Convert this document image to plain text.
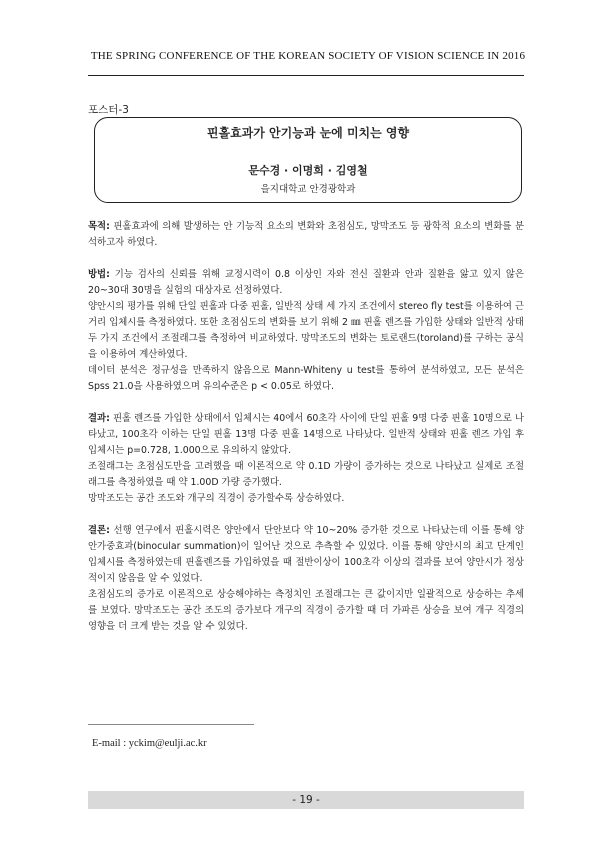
THE SPRING CONFERENCE OF THE KOREAN SOCIETY OF VISION SCIENCE IN 2016
포스터-3
핀홀효과가 안기능과 눈에 미치는 영향
문수경 · 이명희 · 김영철
을지대학교 안경광학과

목적: 핀홀효과에 의해 발생하는 안 기능적 요소의 변화와 초점심도, 망막조도 등 광학적 요소의 변화를 분석하고자 하였다.

방법: 기능 검사의 신뢰를 위해 교정시력이 0.8 이상인 자와 전신 질환과 안과 질환을 앓고 있지 않은 20~30대 30명을 실험의 대상자로 선정하였다.

양안시의 평가를 위해 단일 핀홀과 다중 핀홀, 일반적 상태 세 가지 조건에서 stereo fly test를 이용하여 근거리 입체시를 측정하였다. 또한 초점심도의 변화를 보기 위해 2 ㎜ 핀홀 렌즈를 가입한 상태와 일반적 상태 두 가지 조건에서 조절래그를 측정하여 비교하였다. 망막조도의 변화는 토로랜드(toroland)를 구하는 공식을 이용하여 계산하였다.

데이터 분석은 정규성을 만족하지 않음으로 Mann-Whiteny u test를 통하여 분석하였고, 모든 분석은 Spss 21.0을 사용하였으며 유의수준은 p < 0.05로 하였다.

결과: 핀홀 렌즈를 가입한 상태에서 입체시는 40에서 60초각 사이에 단일 핀홀 9명 다중 핀홀 10명으로 나타났고, 100초각 이하는 단일 핀홀 13명 다중 핀홀 14명으로 나타났다. 일반적 상태와 핀홀 렌즈 가입 후 입체시는 p=0.728, 1.000으로 유의하지 않았다.

조절래그는 초점심도만을 고려했을 때 이론적으로 약 0.1D 가량이 증가하는 것으로 나타났고 실제로 조절래그를 측정하였을 때 약 1.00D 가량 증가했다.

망막조도는 공간 조도와 개구의 직경이 증가할수록 상승하였다.

결론: 선행 연구에서 핀홀시력은 양안에서 단안보다 약 10~20% 증가한 것으로 나타났는데 이를 통해 양안가중효과(binocular summation)이 일어난 것으로 추측할 수 있었다. 이를 통해 양안시의 최고 단계인 입체시를 측정하였는데 핀홀렌즈를 가입하였을 때 절반이상이 100초각 이상의 결과를 보여 양안시가 정상적이지 않음을 알 수 있었다.

초점심도의 증가로 이론적으로 상승해야하는 측정치인 조절래그는 큰 값이지만 일괄적으로 상승하는 추세를 보였다. 망막조도는 공간 조도의 증가보다 개구의 직경이 증가할 때 더 가파른 상승을 보여 개구 직경의 영향을 더 크게 받는 것을 알 수 있었다.

E-mail : yckim@eulji.ac.kr
- 19 -
